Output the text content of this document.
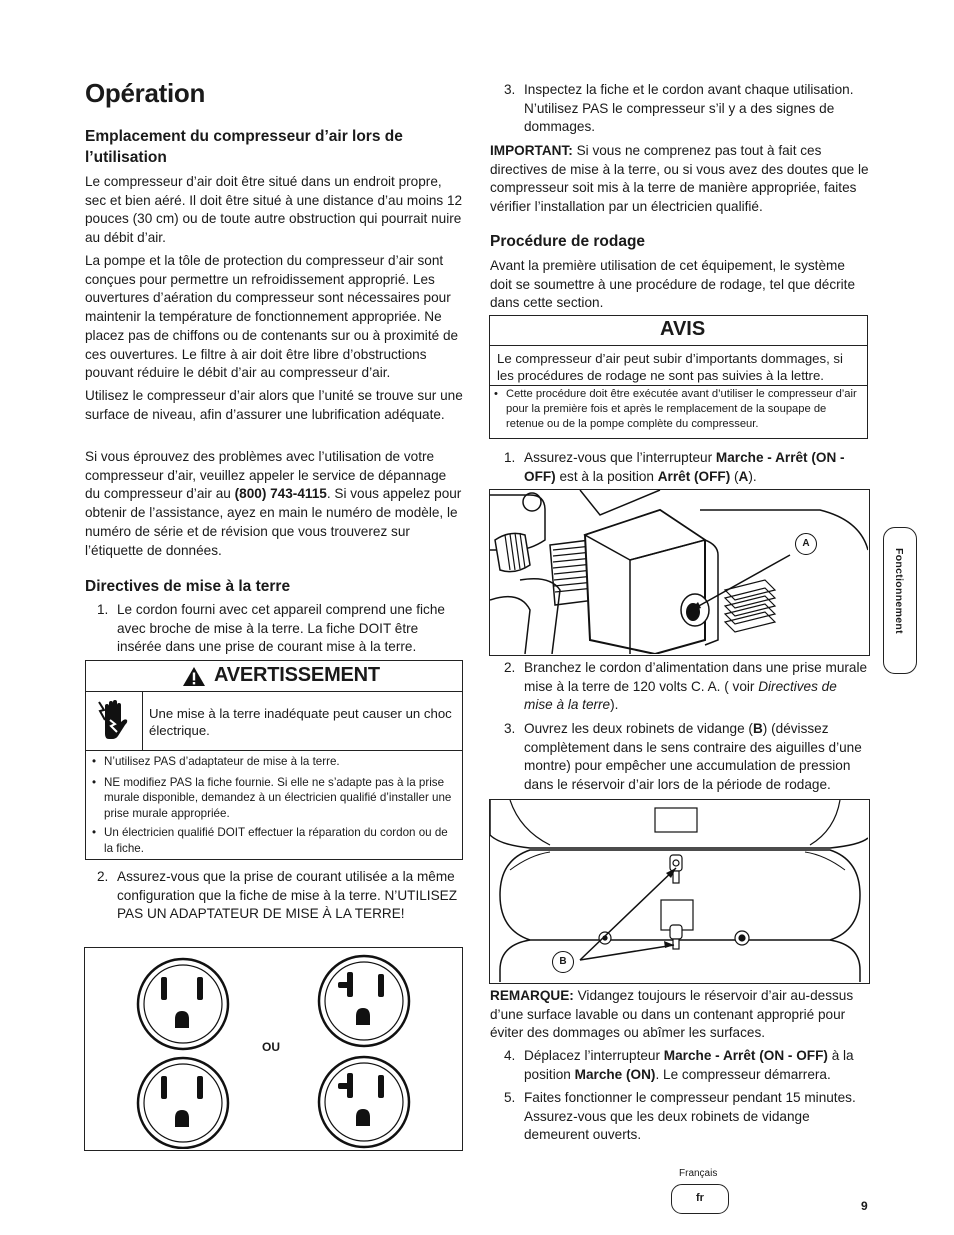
Opération
Emplacement du compresseur d’air lors de l’utilisation

Le compresseur d’air doit être situé dans un endroit propre, sec et bien aéré. Il doit être situé à une distance d’au moins 12 pouces (30 cm) ou de toute autre obstruction qui pourrait nuire au débit d’air.

La pompe et la tôle de protection du compresseur d’air sont conçues pour permettre un refroidissement approprié. Les ouvertures d’aération du compresseur sont nécessaires pour maintenir la température de fonctionnement appropriée. Ne placez pas de chiffons ou de contenants sur ou à proximité de ces ouvertures. Le filtre à air doit être libre d’obstructions pouvant réduire le débit d’air au compresseur d’air.

Utilisez le compresseur d’air alors que l’unité se trouve sur une surface de niveau, afin d’assurer une lubrification adéquate.

Si vous éprouvez des problèmes avec l’utilisation de votre compresseur d’air, veuillez appeler le service de dépannage du compresseur d’air au (800) 743-4115. Si vous appelez pour obtenir de l’assistance, ayez en main le numéro de modèle, le numéro de série et de révision que vous trouverez sur l’étiquette de données.

Directives de mise à la terre
1. Le cordon fourni avec cet appareil comprend une fiche avec broche de mise à la terre. La fiche DOIT être insérée dans une prise de courant mise à la terre.

AVERTISSEMENT
Une mise à la terre inadéquate peut causer un choc électrique.
• N’utilisez PAS d’adaptateur de mise à la terre.
• NE modifiez PAS la fiche fournie. Si elle ne s’adapte pas à la prise murale disponible, demandez à un électricien qualifié d’installer une prise murale appropriée.
• Un électricien qualifié DOIT effectuer la réparation du cordon ou de la fiche.
2. Assurez-vous que la prise de courant utilisée a la même configuration que la fiche de mise à la terre. N’UTILISEZ PAS UN ADAPTATEUR DE MISE À LA TERRE!

OU
3. Inspectez la fiche et le cordon avant chaque utilisation. N’utilisez PAS le compresseur s’il y a des signes de dommages.

IMPORTANT: Si vous ne comprenez pas tout à fait ces directives de mise à la terre, ou si vous avez des doutes que le compresseur soit mis à la terre de manière appropriée, faites vérifier l’installation par un électricien qualifié.

Procédure de rodage

Avant la première utilisation de cet équipement, le système doit se soumettre à une procédure de rodage, tel que décrite dans cette section.

AVIS
Le compresseur d’air peut subir d’importants dommages, si les procédures de rodage ne sont pas suivies à la lettre.
• Cette procédure doit être exécutée avant d’utiliser le compresseur d’air pour la première fois et après le remplacement de la soupape de retenue ou de la pompe complète du compresseur.
1. Assurez-vous que l’interrupteur Marche - Arrêt (ON - OFF) est à la position Arrêt (OFF) (A).

A
2. Branchez le cordon d’alimentation dans une prise murale mise à la terre de 120 volts C. A. ( voir Directives de mise à la terre).

3. Ouvrez les deux robinets de vidange (B) (dévissez complètement dans le sens contraire des aiguilles d’une montre) pour empêcher une accumulation de pression dans le réservoir d’air lors de la période de rodage.

B

REMARQUE: Vidangez toujours le réservoir d’air au-dessus d’une surface lavable ou dans un contenant approprié pour éviter des dommages ou abîmer les surfaces.

4. Déplacez l’interrupteur Marche - Arrêt (ON - OFF) à la position Marche (ON). Le compresseur démarrera.

5. Faites fonctionner le compresseur pendant 15 minutes. Assurez-vous que les deux robinets de vidange demeurent ouverts.

Fonctionnement
Français
fr
9
